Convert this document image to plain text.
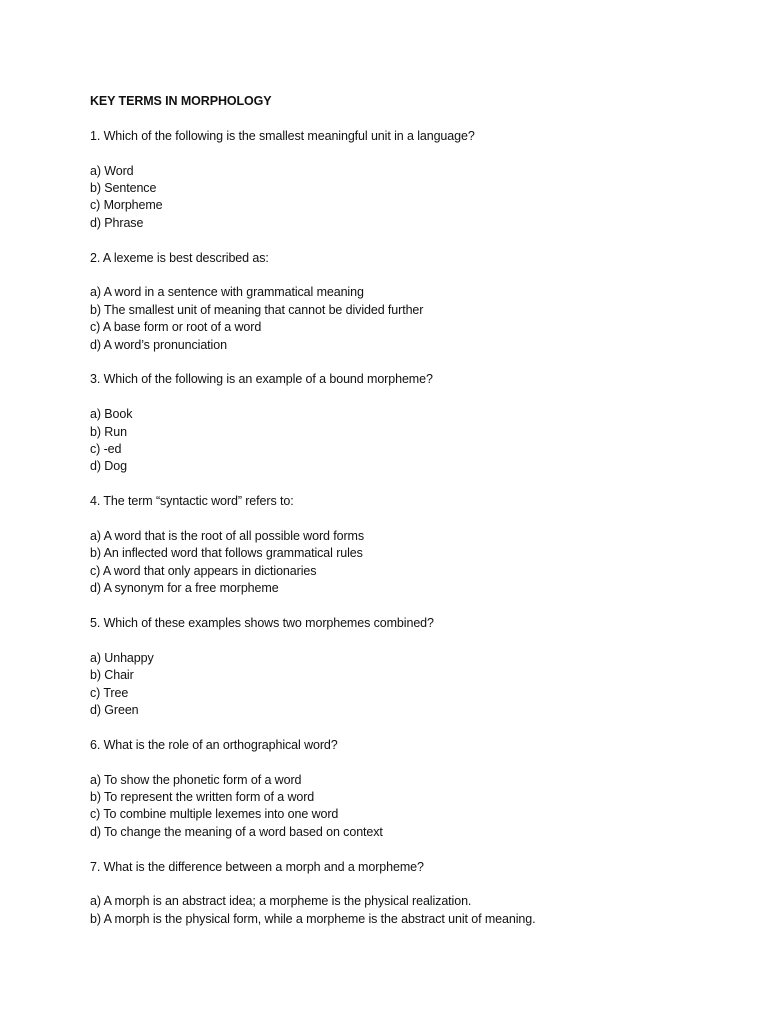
KEY TERMS IN MORPHOLOGY

1. Which of the following is the smallest meaningful unit in a language?

a) Word
b) Sentence
c) Morpheme
d) Phrase

2. A lexeme is best described as:

a) A word in a sentence with grammatical meaning
b) The smallest unit of meaning that cannot be divided further
c) A base form or root of a word
d) A word’s pronunciation

3. Which of the following is an example of a bound morpheme?

a) Book
b) Run
c) -ed
d) Dog

4. The term “syntactic word” refers to:

a) A word that is the root of all possible word forms
b) An inflected word that follows grammatical rules
c) A word that only appears in dictionaries
d) A synonym for a free morpheme

5. Which of these examples shows two morphemes combined?

a) Unhappy
b) Chair
c) Tree
d) Green

6. What is the role of an orthographical word?

a) To show the phonetic form of a word
b) To represent the written form of a word
c) To combine multiple lexemes into one word
d) To change the meaning of a word based on context

7. What is the difference between a morph and a morpheme?

a) A morph is an abstract idea; a morpheme is the physical realization.
b) A morph is the physical form, while a morpheme is the abstract unit of meaning.
